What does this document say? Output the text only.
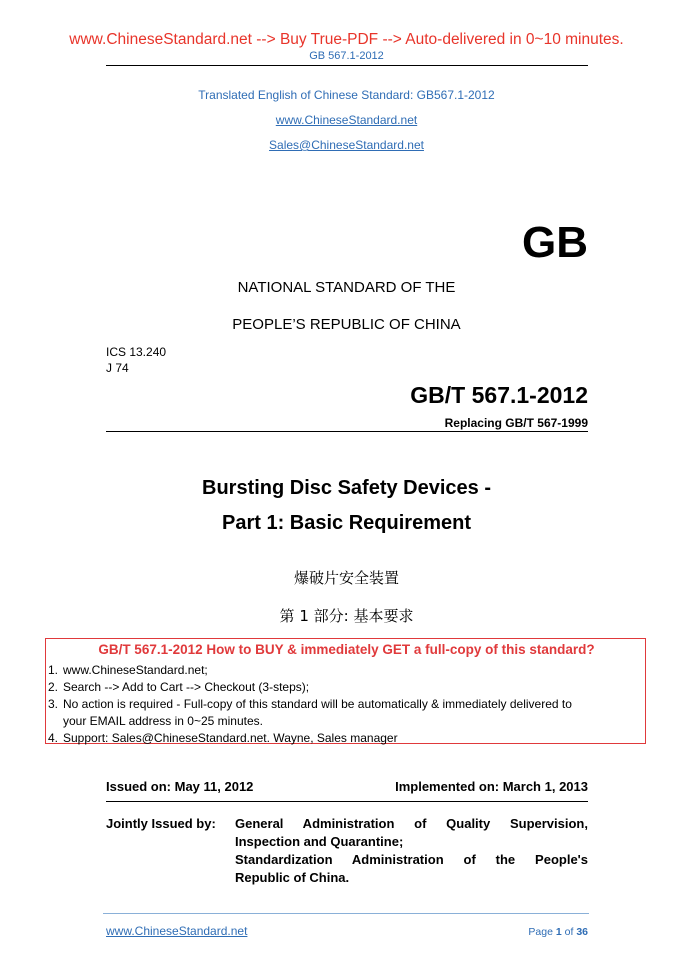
www.ChineseStandard.net --> Buy True-PDF --> Auto-delivered in 0~10 minutes.
GB 567.1-2012
Translated English of Chinese Standard: GB567.1-2012
www.ChineseStandard.net
Sales@ChineseStandard.net
GB
NATIONAL STANDARD OF THE
PEOPLE’S REPUBLIC OF CHINA
ICS 13.240
J 74
GB/T 567.1-2012
Replacing GB/T 567-1999
Bursting Disc Safety Devices -
Part 1: Basic Requirement
爆破片安全装置
第 1 部分: 基本要求
GB/T 567.1-2012 How to BUY & immediately GET a full-copy of this standard?
1. www.ChineseStandard.net;
2. Search --> Add to Cart --> Checkout (3-steps);
3. No action is required - Full-copy of this standard will be automatically & immediately delivered to
your EMAIL address in 0~25 minutes.
4. Support: Sales@ChineseStandard.net. Wayne, Sales manager
Issued on: May 11, 2012	Implemented on: March 1, 2013
Jointly Issued by: General Administration of Quality Supervision,
Inspection and Quarantine;
Standardization Administration of the People's
Republic of China.
www.ChineseStandard.net	Page 1 of 36
